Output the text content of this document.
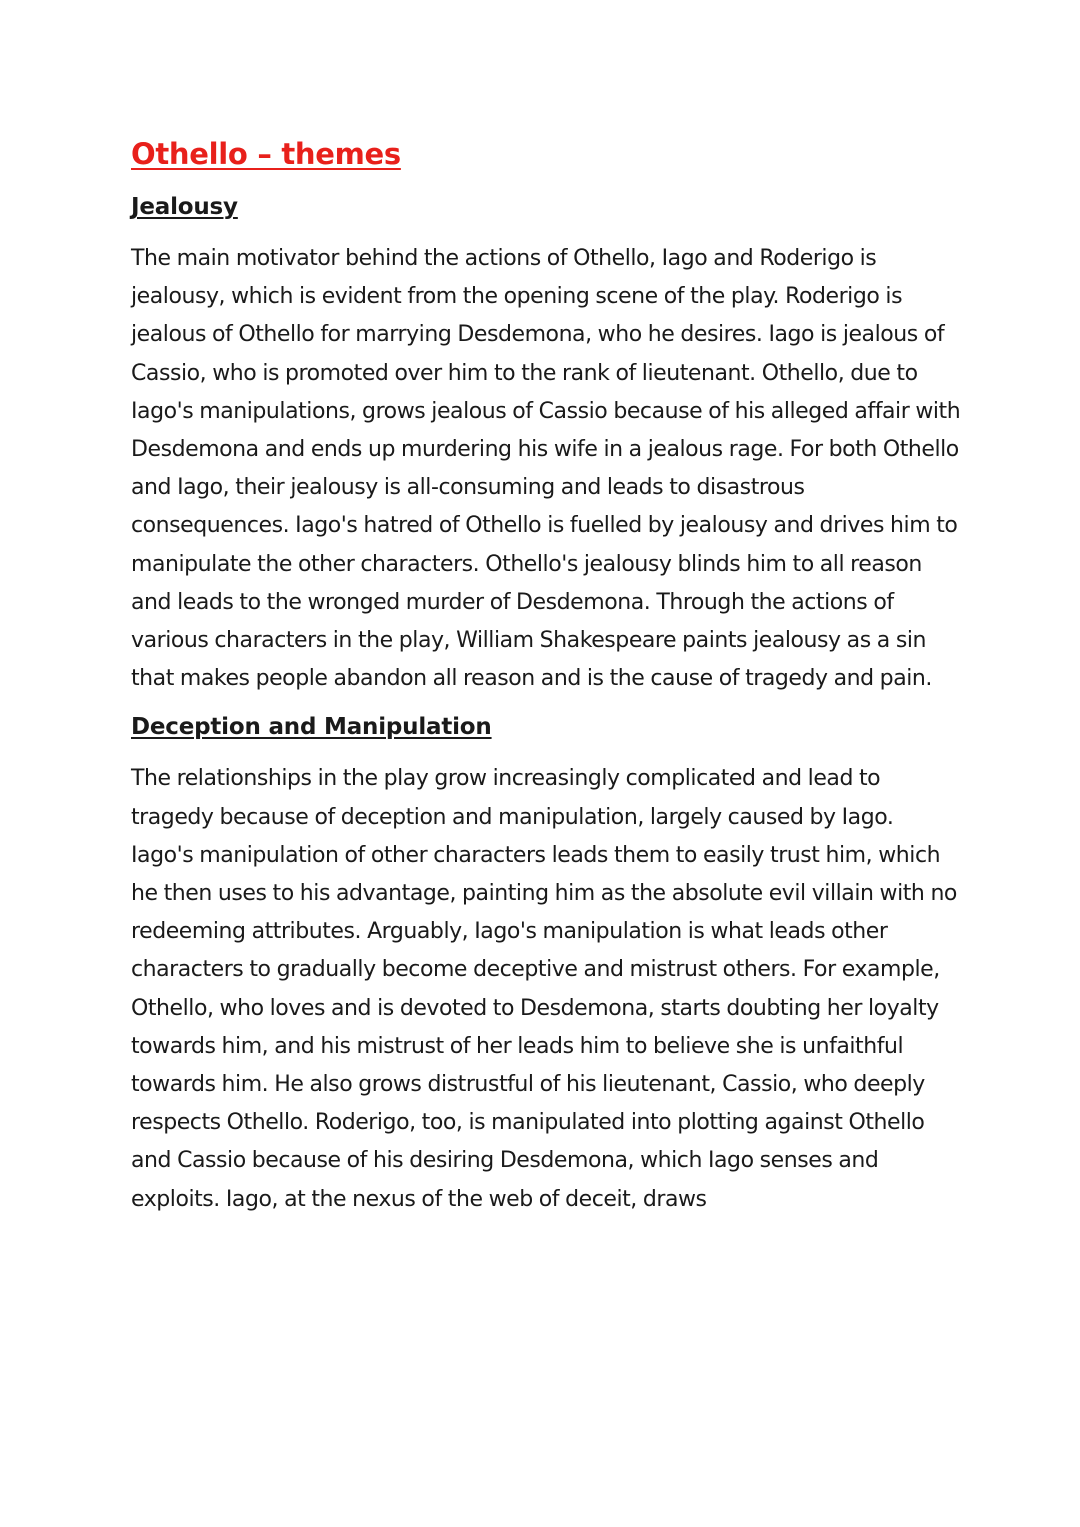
Othello – themes
Jealousy

The main motivator behind the actions of Othello, Iago and Roderigo is jealousy, which is evident from the opening scene of the play. Roderigo is jealous of Othello for marrying Desdemona, who he desires. Iago is jealous of Cassio, who is promoted over him to the rank of lieutenant. Othello, due to Iago's manipulations, grows jealous of Cassio because of his alleged affair with Desdemona and ends up murdering his wife in a jealous rage. For both Othello and Iago, their jealousy is all-consuming and leads to disastrous consequences. Iago's hatred of Othello is fuelled by jealousy and drives him to manipulate the other characters. Othello's jealousy blinds him to all reason and leads to the wronged murder of Desdemona. Through the actions of various characters in the play, William Shakespeare paints jealousy as a sin that makes people abandon all reason and is the cause of tragedy and pain.

Deception and Manipulation

The relationships in the play grow increasingly complicated and lead to tragedy because of deception and manipulation, largely caused by Iago. Iago's manipulation of other characters leads them to easily trust him, which he then uses to his advantage, painting him as the absolute evil villain with no redeeming attributes. Arguably, Iago's manipulation is what leads other characters to gradually become deceptive and mistrust others. For example, Othello, who loves and is devoted to Desdemona, starts doubting her loyalty towards him, and his mistrust of her leads him to believe she is unfaithful towards him. He also grows distrustful of his lieutenant, Cassio, who deeply respects Othello. Roderigo, too, is manipulated into plotting against Othello and Cassio because of his desiring Desdemona, which Iago senses and exploits. Iago, at the nexus of the web of deceit, draws
